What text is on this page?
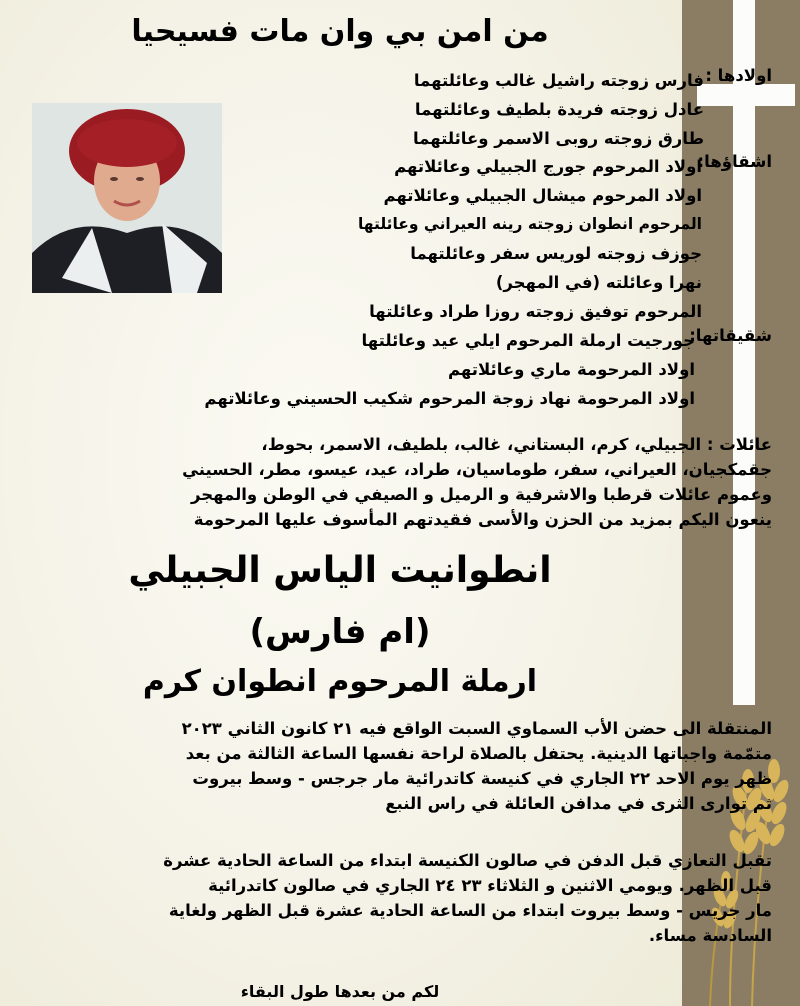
من امن بي وان مات فسيحيا
اولادها :
فارس زوجته راشيل غالب وعائلتهما
عادل زوجته فريدة بلطيف وعائلتهما
طارق زوجته روبى الاسمر وعائلتهما
اشقاؤها:
اولاد المرحوم جورج الجبيلي وعائلاتهم
اولاد المرحوم ميشال الجبيلي وعائلاتهم
المرحوم انطوان زوجته رينه العيراني وعائلتها
جوزف زوجته لوريس سفر وعائلتهما
نهرا وعائلته (في المهجر)
المرحوم توفيق زوجته روزا طراد وعائلتها
شقيقاتها:
جورجيت ارملة المرحوم ايلي عيد وعائلتها
اولاد المرحومة ماري وعائلاتهم
اولاد المرحومة نهاد زوجة المرحوم شكيب الحسيني وعائلاتهم
عائلات : الجبيلي، كرم، البستاني، غالب، بلطيف، الاسمر، بحوط،
جقمكجيان، العيراني، سفر، طوماسيان، طراد، عيد، عيسو، مطر، الحسيني
وعموم عائلات قرطبا والاشرفية و الرميل و الصيفي في الوطن والمهجر
ينعون اليكم بمزيد من الحزن والأسى فقيدتهم المأسوف عليها المرحومة
انطوانيت الياس الجبيلي
(ام فارس)
ارملة المرحوم انطوان كرم
المنتقلة الى حضن الأب السماوي السبت الواقع فيه ٢١ كانون الثاني ٢٠٢٣
متمّمة واجباتها الدينية. يحتفل بالصلاة لراحة نفسها الساعة الثالثة من بعد
ظهر يوم الاحد ٢٢ الجاري في كنيسة كاتدرائية مار جرجس - وسط بيروت
ثم توارى الثرى في مدافن العائلة في راس النبع
تقبل التعازي قبل الدفن في صالون الكنيسة ابتداء من الساعة الحادية عشرة
قبل الظهر. ويومي الاثنين و الثلاثاء ٢٣ ٢٤ الجاري في صالون كاتدرائية
مار جريس - وسط بيروت ابتداء من الساعة الحادية عشرة قبل الظهر ولغاية
السادسة مساء.
لكم من بعدها طول البقاء
